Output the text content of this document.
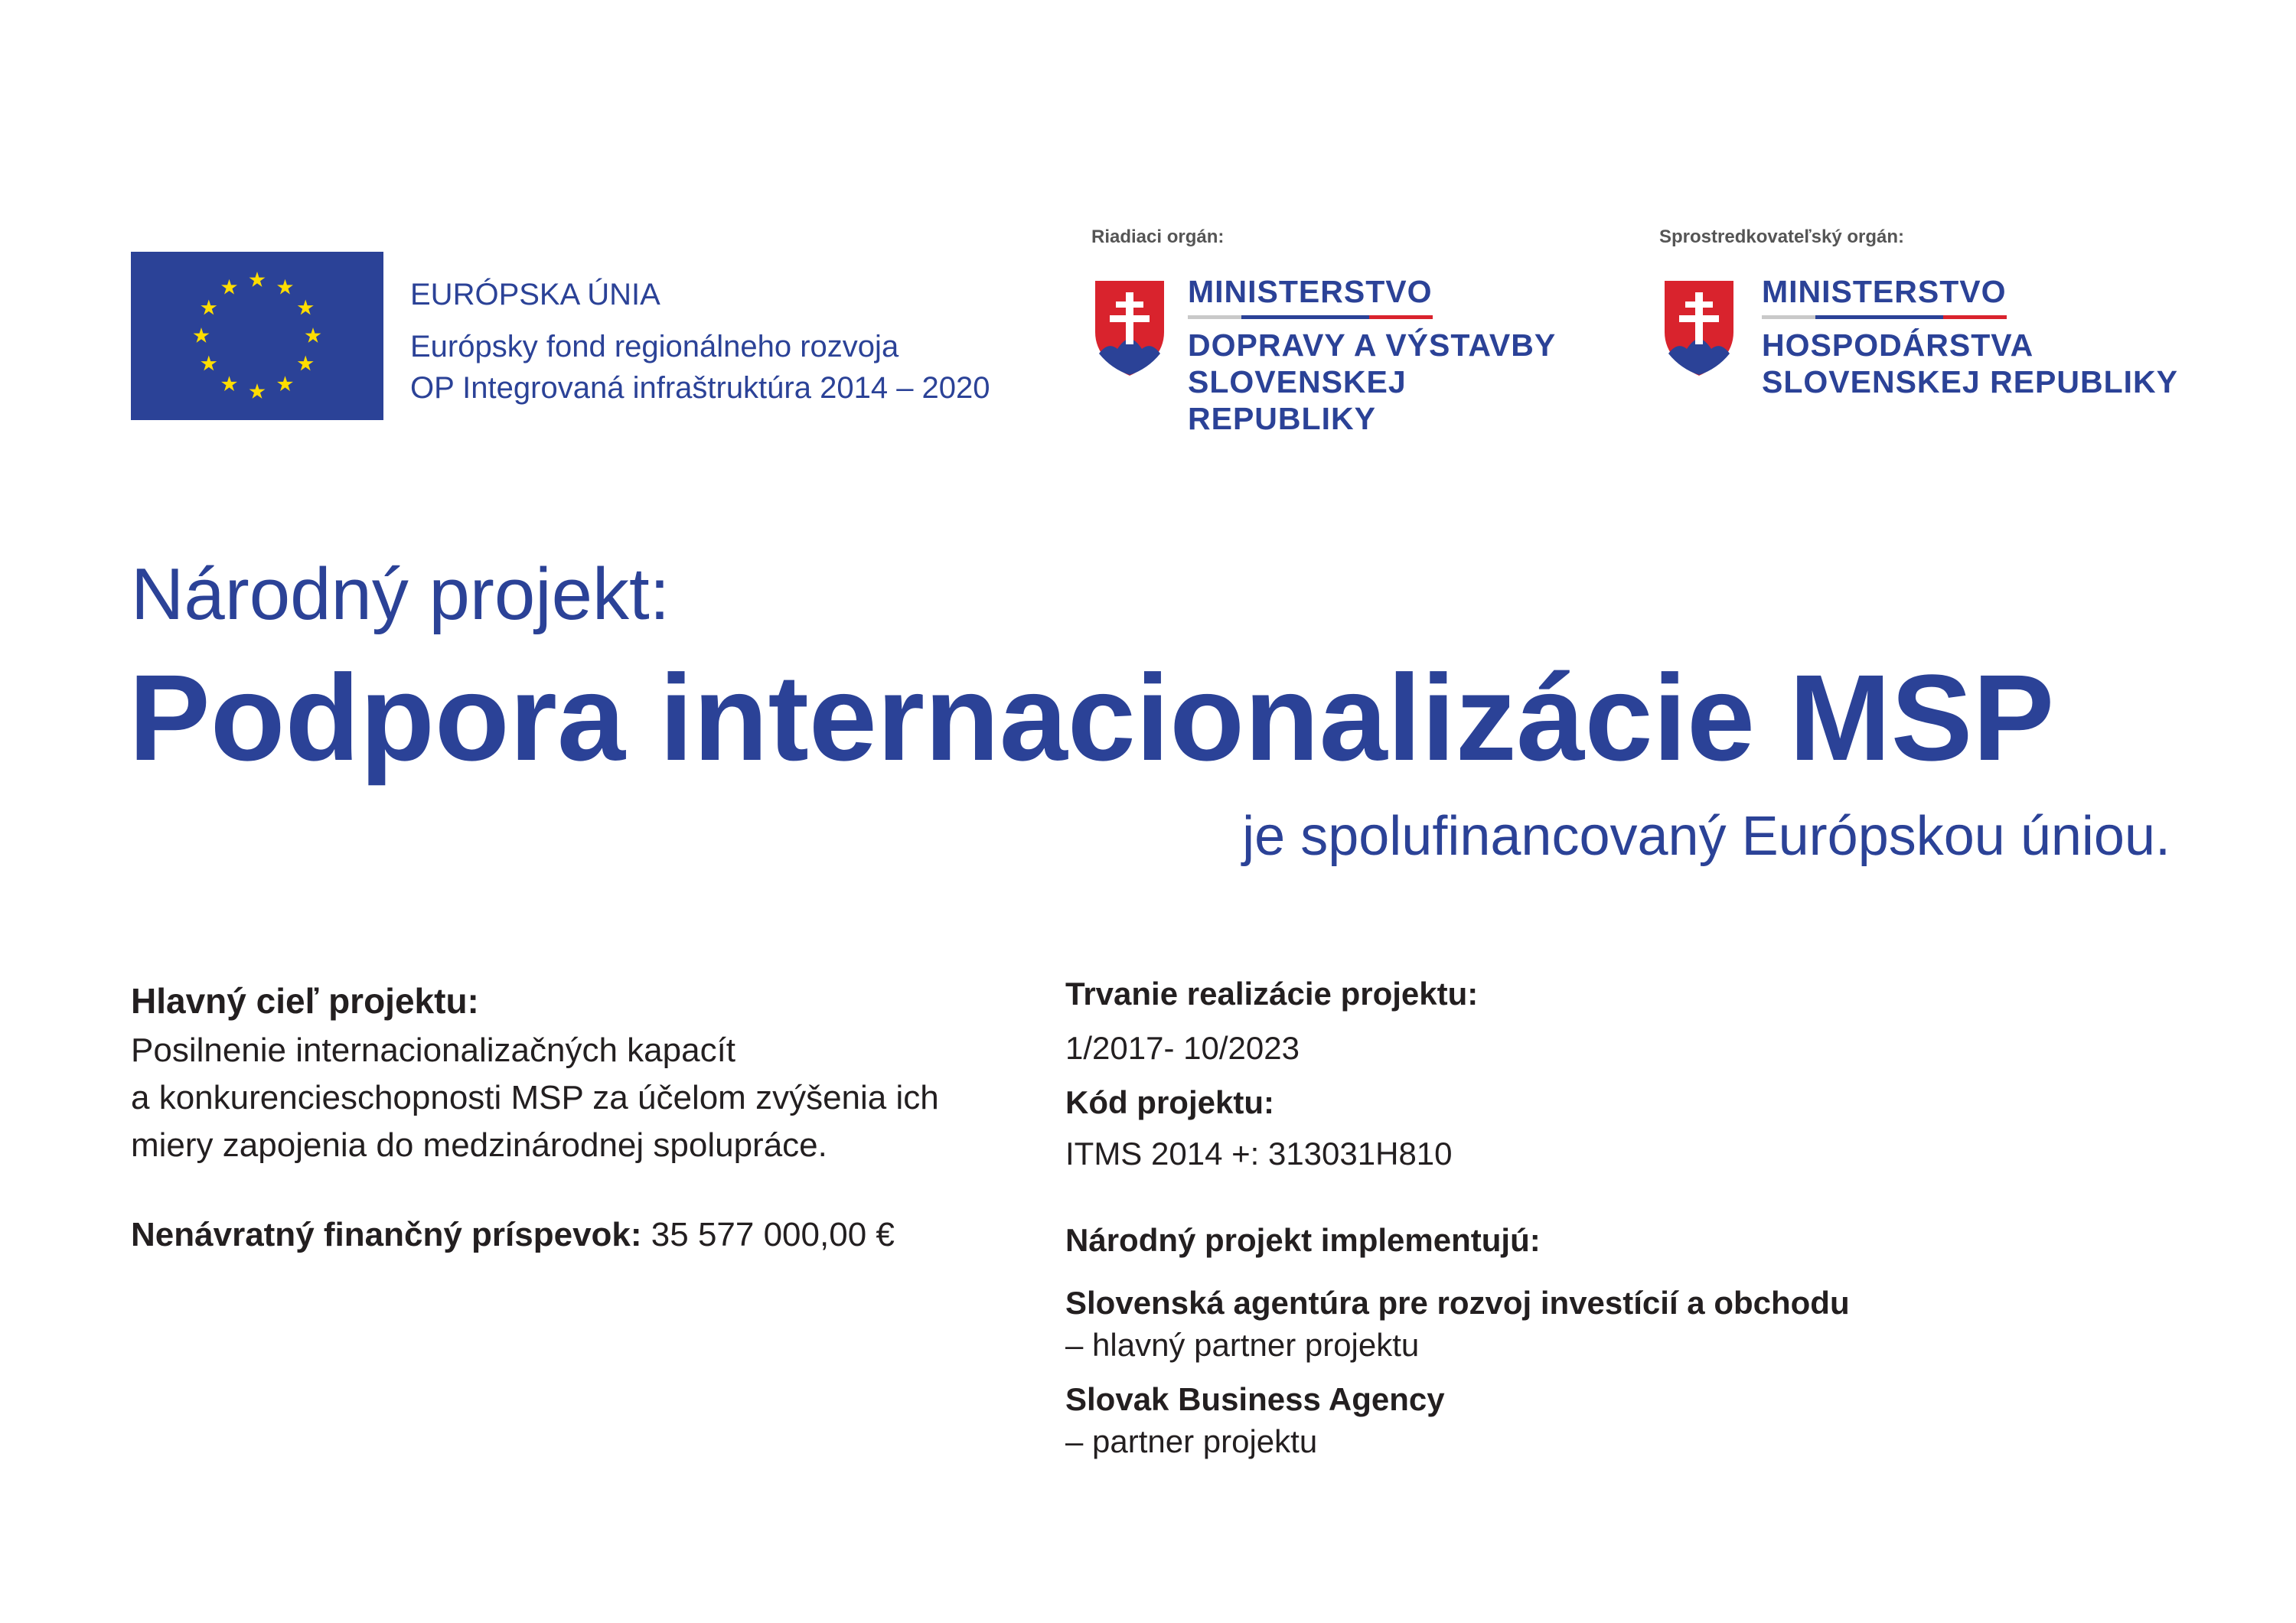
EURÓPSKA ÚNIA
Európsky fond regionálneho rozvoja
OP Integrovaná infraštruktúra 2014 – 2020
Riadiaci orgán:
MINISTERSTVO
DOPRAVY A VÝSTAVBY
SLOVENSKEJ REPUBLIKY
Sprostredkovateľský orgán:
MINISTERSTVO
HOSPODÁRSTVA
SLOVENSKEJ REPUBLIKY
Národný projekt:
Podpora internacionalizácie MSP
je spolufinancovaný Európskou úniou.
Hlavný cieľ projektu:
Posilnenie internacionalizačných kapacít
a konkurencieschopnosti MSP za účelom zvýšenia ich
miery zapojenia do medzinárodnej spolupráce.
Nenávratný finančný príspevok: 35 577 000,00 €
Trvanie realizácie projektu:
1/2017- 10/2023
Kód projektu:
ITMS 2014 +: 313031H810
Národný projekt implementujú:
Slovenská agentúra pre rozvoj investícií a obchodu
– hlavný partner projektu
Slovak Business Agency
– partner projektu
